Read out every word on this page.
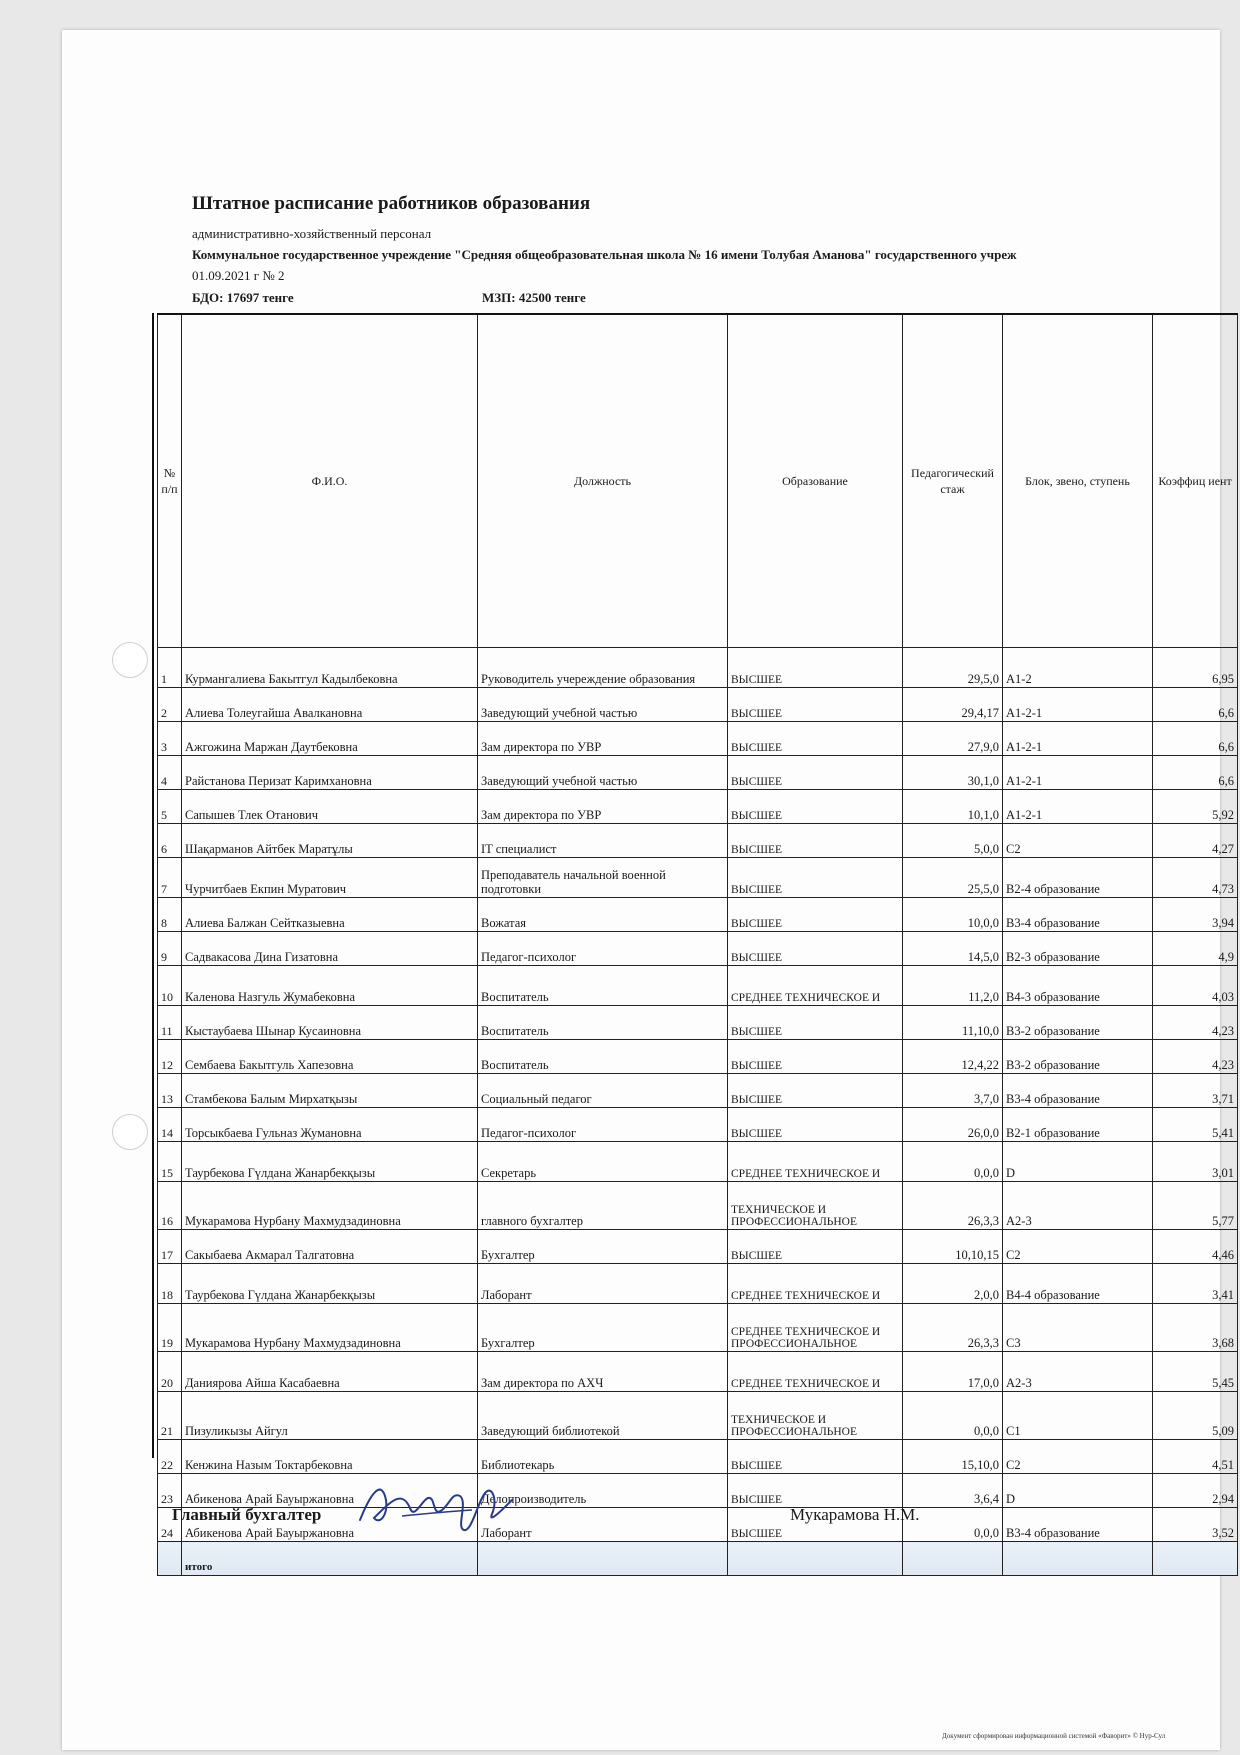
Штатное расписание работников образования
административно-хозяйственный персонал
Коммунальное государственное учреждение "Средняя общеобразовательная школа № 16 имени Толубая Аманова" государственного учреж
01.09.2021 г № 2
БДО: 17697 тенге	МЗП: 42500 тенге
№ п/п	Ф.И.О.	Должность	Образование	Педагогический стаж	Блок, звено, ступень	Коэффиц иент
1	Курмангалиева Бакытгул Кадылбековна	Руководитель учереждение образования	ВЫСШЕЕ	29,5,0	A1-2	6,95
2	Алиева Толеугайша Авалкановна	Заведующий учебной частью	ВЫСШЕЕ	29,4,17	A1-2-1	6,6
3	Ажгожина Маржан Даутбековна	Зам директора по УВР	ВЫСШЕЕ	27,9,0	A1-2-1	6,6
4	Райстанова Перизат Каримхановна	Заведующий учебной частью	ВЫСШЕЕ	30,1,0	A1-2-1	6,6
5	Сапышев Тлек Отанович	Зам директора по УВР	ВЫСШЕЕ	10,1,0	A1-2-1	5,92
6	Шақарманов Айтбек Маратұлы	IT специалист	ВЫСШЕЕ	5,0,0	C2	4,27
7	Чурчитбаев Екпин Муратович	Преподаватель начальной военной подготовки	ВЫСШЕЕ	25,5,0	B2-4 образование	4,73
8	Алиева Балжан Сейтказыевна	Вожатая	ВЫСШЕЕ	10,0,0	B3-4 образование	3,94
9	Садвакасова Дина Гизатовна	Педагог-психолог	ВЫСШЕЕ	14,5,0	B2-3 образование	4,9
10	Каленова Назгуль Жумабековна	Воспитатель	СРЕДНЕЕ ТЕХНИЧЕСКОЕ И	11,2,0	B4-3 образование	4,03
11	Кыстаубаева Шынар Кусаиновна	Воспитатель	ВЫСШЕЕ	11,10,0	B3-2 образование	4,23
12	Сембаева Бакытгуль Хапезовна	Воспитатель	ВЫСШЕЕ	12,4,22	B3-2 образование	4,23
13	Стамбекова Балым Мирхатқызы	Социальный педагог	ВЫСШЕЕ	3,7,0	B3-4 образование	3,71
14	Торсыкбаева Гульназ Жумановна	Педагог-психолог	ВЫСШЕЕ	26,0,0	B2-1 образование	5,41
15	Таурбекова Гүлдана Жанарбекқызы	Секретарь	СРЕДНЕЕ ТЕХНИЧЕСКОЕ И	0,0,0	D	3,01
16	Мукарамова Нурбану Махмудзадиновна	главного бухгалтер	ТЕХНИЧЕСКОЕ И ПРОФЕССИОНАЛЬНОЕ	26,3,3	A2-3	5,77
17	Сакыбаева Акмарал Талгатовна	Бухгалтер	ВЫСШЕЕ	10,10,15	C2	4,46
18	Таурбекова Гүлдана Жанарбекқызы	Лаборант	СРЕДНЕЕ ТЕХНИЧЕСКОЕ И	2,0,0	B4-4 образование	3,41
19	Мукарамова Нурбану Махмудзадиновна	Бухгалтер	СРЕДНЕЕ ТЕХНИЧЕСКОЕ И ПРОФЕССИОНАЛЬНОЕ	26,3,3	C3	3,68
20	Даниярова Айша Касабаевна	Зам директора по АХЧ	СРЕДНЕЕ ТЕХНИЧЕСКОЕ И	17,0,0	A2-3	5,45
21	Пизуликызы Айгул	Заведующий библиотекой	ТЕХНИЧЕСКОЕ И ПРОФЕССИОНАЛЬНОЕ	0,0,0	C1	5,09
22	Кенжина Назым Токтарбековна	Библиотекарь	ВЫСШЕЕ	15,10,0	C2	4,51
23	Абикенова Арай Бауыржановна	Делопроизводитель	ВЫСШЕЕ	3,6,4	D	2,94
24	Абикенова Арай Бауыржановна	Лаборант	ВЫСШЕЕ	0,0,0	B3-4 образование	3,52
	итого					
Главный бухгалтер	Мукарамова Н.М.
Документ сформирован информационной системой «Фаворит» © Нур-Сул
